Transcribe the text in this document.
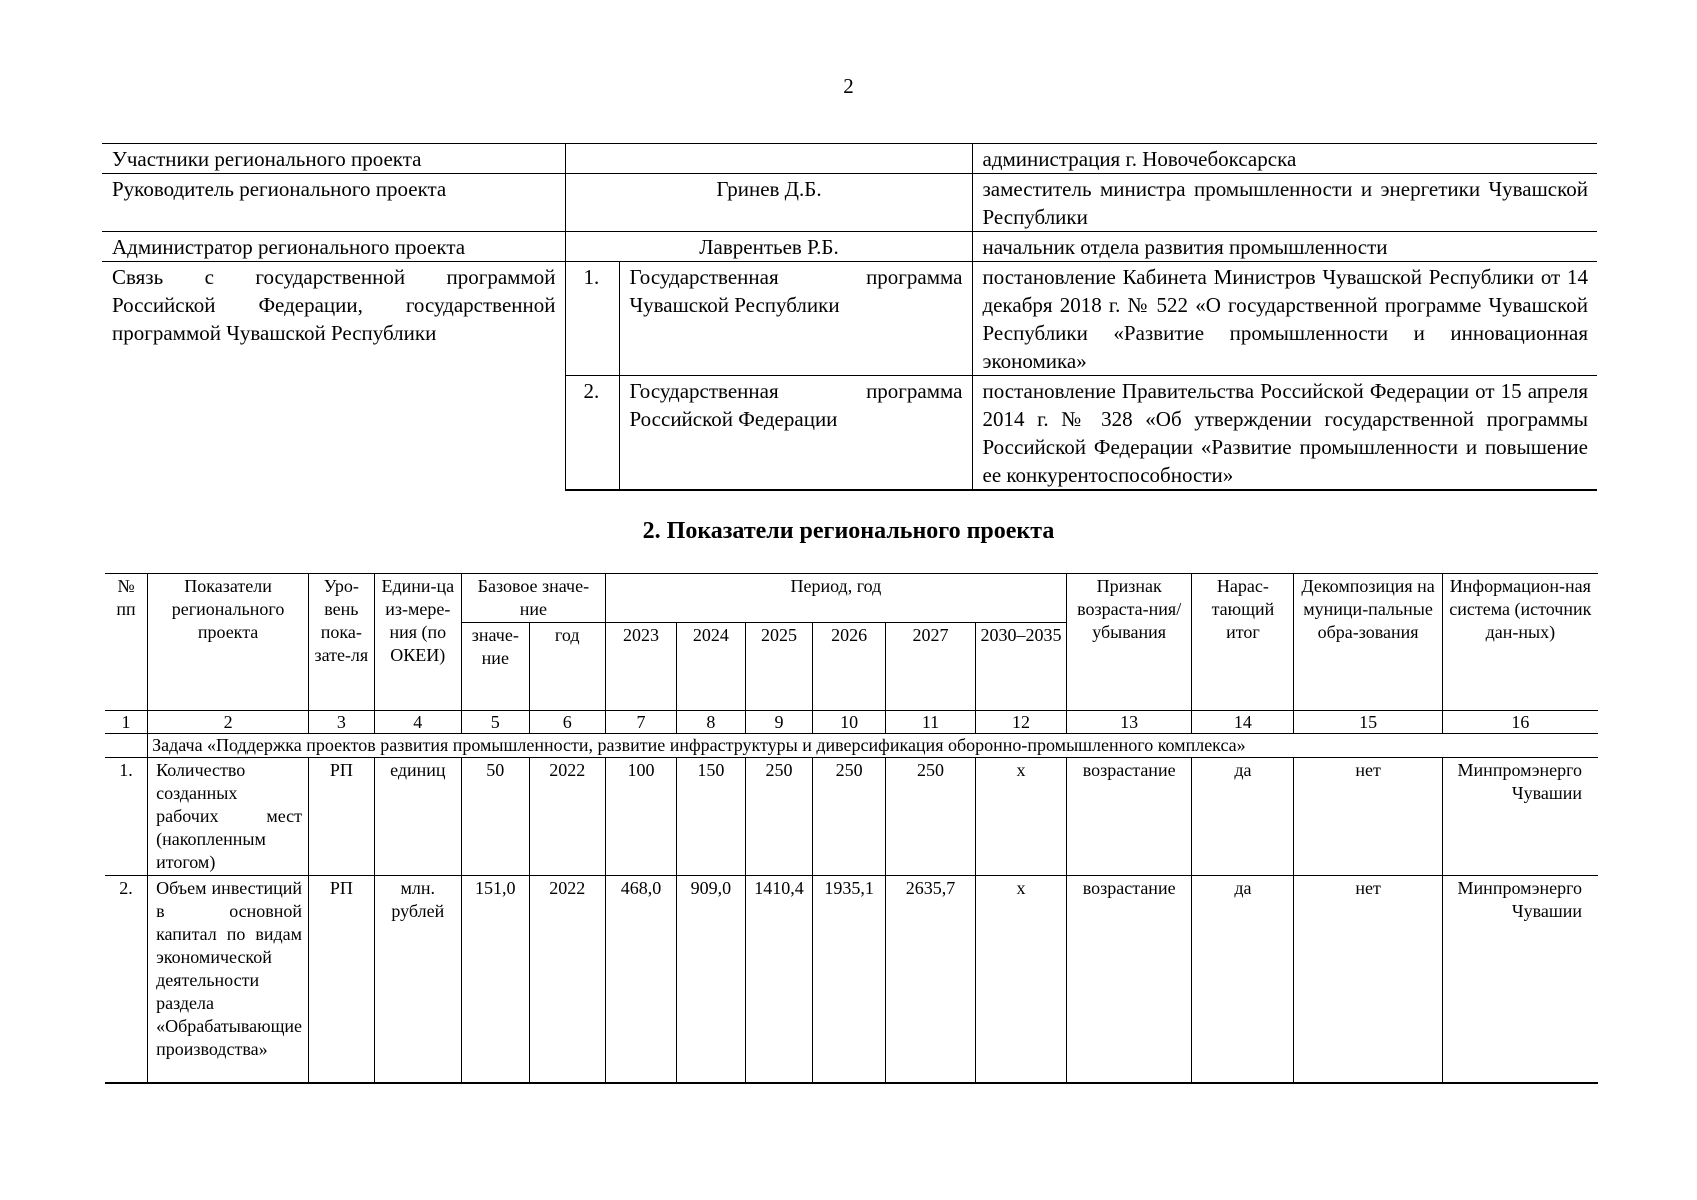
2
Участники регионального проекта			администрация г. Новочебоксарска
Руководитель регионального проекта	Гринев Д.Б.		заместитель министра промышленности и энергетики Чувашской Республики
Администратор регионального проекта	Лаврентьев Р.Б.		начальник отдела развития промышленности
Связь с государственной программой Российской Федерации, государственной программой Чувашской Республики	1.	Государственная программа Чувашской Республики	постановление Кабинета Министров Чувашской Республики от 14 декабря 2018 г. № 522 «О государственной программе Чувашской Республики «Развитие промышленности и инновационная экономика»
	2.	Государственная программа Российской Федерации	постановление Правительства Российской Федерации от 15 апреля 2014 г. № 328 «Об утверждении государственной программы Российской Федерации «Развитие промышленности и повышение ее конкурентоспособности»
2. Показатели регионального проекта
№ пп	Показатели регионального проекта	Уро-вень пока-зате-ля	Едини-ца из-мере-ния (по ОКЕИ)	Базовое значе-ние		Период, год						Признак возраста-ния/ убывания	Нарас-тающий итог	Декомпозиция на муници-пальные обра-зования	Информацион-ная система (источник дан-ных)
				значе-ние	год	2023	2024	2025	2026	2027	2030–2035				
1	2	3	4	5	6	7	8	9	10	11	12	13	14	15	16
	Задача «Поддержка проектов развития промышленности, развитие инфраструктуры и диверсификация оборонно-промышленного комплекса»														
1.	Количество созданных рабочих мест (накопленным итогом)	РП	единиц	50	2022	100	150	250	250	250	x	возрастание	да	нет	Минпромэнерго Чувашии
2.	Объем инвестиций в основной капитал по видам экономической деятельности раздела «Обрабатывающие производства»	РП	млн. рублей	151,0	2022	468,0	909,0	1410,4	1935,1	2635,7	x	возрастание	да	нет	Минпромэнерго Чувашии
